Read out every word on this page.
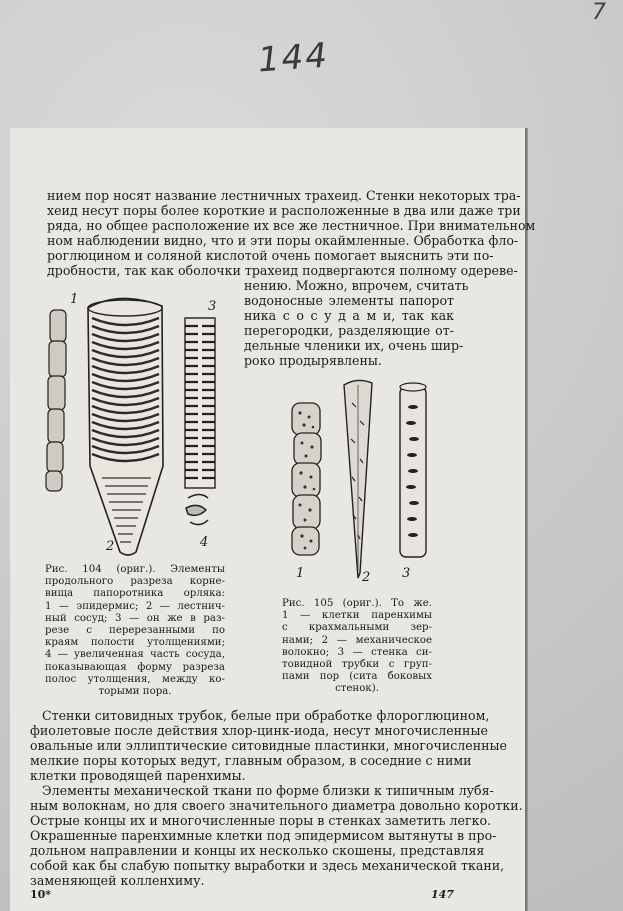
144
7
нием пор носят название лестничных трахеид. Стенки некоторых тра-
хеид несут поры более короткие и расположенные в два или даже три
ряда, но общее расположение их все же лестничное. При внимательном
ном наблюдении видно, что и эти поры окаймленные. Обработка фло-
роглюцином и соляной кислотой очень помогает выяснить эти по-
дробности, так как оболочки трахеид подвергаются полному одереве-
нению. Можно, впрочем, считать
водоносные элементы папорот
ника с о с у д а м и, так как
перегородки, разделяющие от-
дельные членики их, очень шир-
роко продырявлены.
1
2
3
4
1	2 3
Рис. 104 (ориг.). Элементы
продольного разреза корне-
вища папоротника орляка:
1 — эпидермис; 2 — лестнич-
ный сосуд; 3 — он же в раз-
резе с перерезанными по
краям полости утолщениями;
4 — увеличенная часть сосуда,
показывающая форму разреза
полос утолщения, между ко-
торыми пора.
Рис. 105 (ориг.). То же.
1 — клетки паренхимы
с крахмальными зер-
нами; 2 — механическое
волокно; 3 — стенка си-
товидной трубки с груп-
пами пор (сита боковых
стенок).
Стенки ситовидных трубок, белые при обработке флороглюцином,
фиолетовые после действия хлор-цинк-иода, несут многочисленные
овальные или эллиптические ситовидные пластинки, многочисленные
мелкие поры которых ведут, главным образом, в соседние с ними
клетки проводящей паренхимы.
Элементы механической ткани по форме близки к типичным лубя-
ным волокнам, но для своего значительного диаметра довольно коротки.
Острые концы их и многочисленные поры в стенках заметить легко.
Окрашенные паренхимные клетки под эпидермисом вытянуты в про-
дольном направлении и концы их несколько скошены, представляя
собой как бы слабую попытку выработки и здесь механической ткани,
заменяющей колленхиму.
10*	147
